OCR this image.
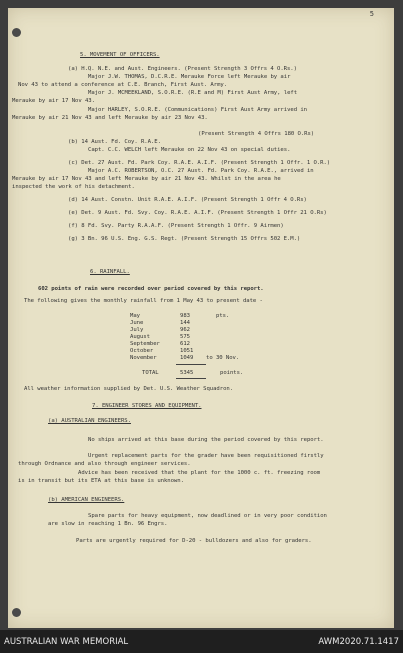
5
5. MOVEMENT OF OFFICERS.
(a) H.Q. N.E. and Aust. Engineers. (Present Strength 3 Offrs 4 O.Rs.)
Major J.W. THOMAS, D.C.R.E. Merauke Force left Merauke by air
Nov 43 to attend a conference at C.E. Branch, First Aust. Army.
Major J. MCMEEKLAND, S.O.R.E. (R.E and M) First Aust Army, left
Merauke by air 17 Nov 43.
Major HARLEY, S.O.R.E. (Communications) First Aust Army arrived in
Merauke by air 21 Nov 43 and left Merauke by air 23 Nov 43.
(Present Strength 4 Offrs 180 O.Rs)
(b) 14 Aust. Fd. Coy. R.A.E.
Capt. C.C. WELCH left Merauke on 22 Nov 43 on special duties.
(c) Det. 27 Aust. Fd. Park Coy. R.A.E. A.I.F. (Present Strength 1 Offr. 1 O.R.)
Major A.C. ROBERTSON, O.C. 27 Aust. Fd. Park Coy. R.A.E., arrived in
Merauke by air 17 Nov 43 and left Merauke by air 21 Nov 43. Whilst in the area he
inspected the work of his detachment.
(d) 14 Aust. Constn. Unit R.A.E. A.I.F. (Present Strength 1 Offr 4 O.Rs)
(e) Det. 9 Aust. Fd. Svy. Coy. R.A.E. A.I.F. (Present Strength 1 Offr 21 O.Rs)
(f) 8 Fd. Svy. Party R.A.A.F. (Present Strength 1 Offr. 9 Airmen)
(g) 3 Bn. 96 U.S. Eng. G.S. Regt. (Present Strength 15 Offrs 502 E.M.)
6. RAINFALL.
602 points of rain were recorded over period covered by this report.
The following gives the monthly rainfall from 1 May 43 to present date -
May	983	pts.
June	144
July	962
August	575
September	612
October	1051
November	1049 to 30 Nov.
TOTAL	5345	points.
All weather information supplied by Det. U.S. Weather Squadron.
7. ENGINEER STORES AND EQUIPMENT.
(a) AUSTRALIAN ENGINEERS.
No ships arrived at this base during the period covered by this report.
Urgent replacement parts for the grader have been requisitioned firstly
through Ordnance and also through engineer services.
Advice has been received that the plant for the 1000 c. ft. freezing room
is in transit but its ETA at this base is unknown.
(b) AMERICAN ENGINEERS.
Spare parts for heavy equipment, now deadlined or in very poor condition
are slow in reaching 1 Bn. 96 Engrs.
Parts are urgently required for D-20 - bulldozers and also for graders.
AUSTRALIAN WAR MEMORIAL	AWM2020.71.1417
